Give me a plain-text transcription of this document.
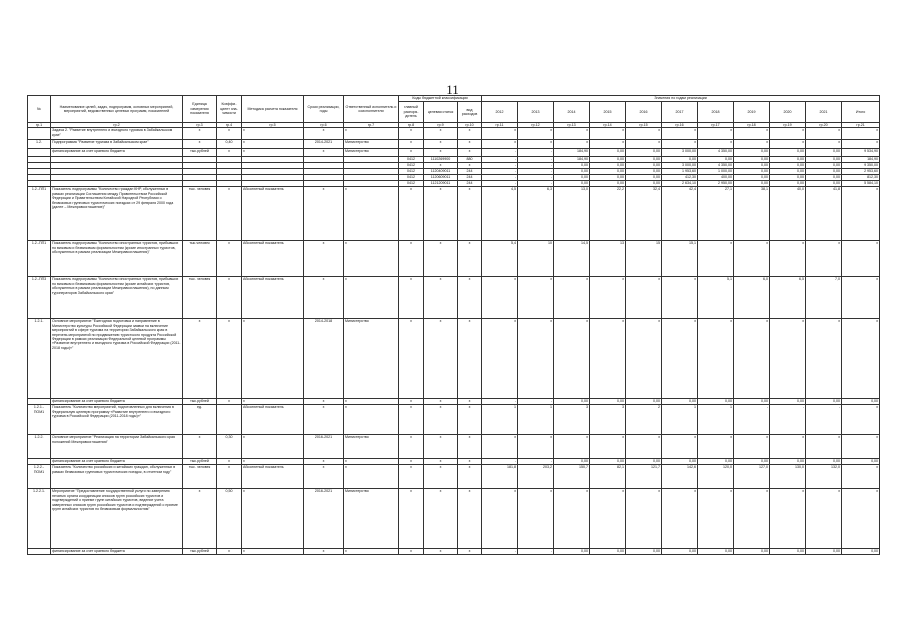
11
№	Наименование целей, задач, подпрограмм, основных мероприятий, мероприятий, ведомственных целевых программ, показателей	Единица измерения показателя	Коэффи-циент зна-чимости	Методика расчета показателя	Сроки реализации, годы	Ответственный исполнитель и соисполнители	Коды бюджетной классификации			Значения по годам реализации										
							главный распоря-дитель	целевая статья	вид расходов	2012	2013	2014	2015	2016	2017	2018	2019	2020	2021	Итого
гр.1	гр.2	гр.3	гр.4	гр.5	гр.6	гр.7	гр.8	гр.9	гр.10	гр.11	гр.12	гр.13	гр.14	гр.15	гр.16	гр.17	гр.18	гр.19	гр.20	гр.21
	Задача 2. "Развитие внутреннего и въездного туризма в Забайкальском крае"	х	х	х	х	х	х	х	х	х	х	х	х	х	х	х	х	х	х	х
1.2.	Подпрограмма "Развитие туризма в Забайкальском крае"	х	0,40	х	2014-2021	Министерство	х	х	х	х	х	х	х	х	х	х	х	х	х	х
	финансирование за счет краевого бюджета	тыс.рублей	х	х	х	Министерство	х	х	х	-	-	184,90	0,00	0,00	3 000,00	4 350,00	0,00	0,00	0,00	9 534,90
							0412	1110269900	880	-	-	184,90	0,00	0,00	0,00	0,00	0,00	0,00	0,00	184,90
							0412	х	х	-	-	0,00	0,00	0,00	3 000,00	4 350,00	0,00	0,00	0,00	9 350,00
							0412	1120409011	244	-	-	0,00	0,00	0,00	1 953,60	1 000,00	0,00	0,00	0,00	2 953,60
							0412	1120609011	244	-	-	0,00	0,00	0,00	412,30	400,00	0,00	0,00	0,00	812,30
							0412	1121209011	244	-	-	0,00	0,00	0,00	2 634,10	2 950,00	0,00	0,00	0,00	5 584,10
1.2.-ПП1	Показатель подпрограммы "Количество граждан КНР, обслуженных в рамках реализации Соглашения между Правительством Российской Федерации и Правительством Китайской Народной Республики о безвизовых групповых туристических поездках от 29 февраля 2000 года (далее – Межправсоглашение)"	тыс. человек	х	Абсолютный показатель	х	х	х	х	х	4,5	6,3	13,0	22,2	32,4	42,4	27,1	38,1	40,0	41,8	х
1.2.-ПП1	Показатель подпрограммы "Количество иностранных туристов, прибывших по визовым и безвизовым формальностям (кроме иностранных туристов, обслуженных в рамках реализации Межправсоглашения)"	тыс.человек	х	Абсолютный показатель	х	х	х	х	х	5,4	10	14,5	13	15	15,1	х	х	х	х	х
1.2.-ПП3	Показатель подпрограммы "Количество иностранных туристов, прибывших по визовым и безвизовым формальностям (кроме китайских туристов, обслуженных в рамках реализации Межправсоглашения), по данным туроператоров Забайкальского края"	тыс. человек	х	Абсолютный показатель	х	х	х	х	х	х	х	х	х	х	х	5,1	6,0	6,5	7,0	х
1.2.1.	Основное мероприятие "Ежегодная подготовка и направление в Министерство культуры Российской Федерации заявки на включение мероприятий в сфере туризма на территории Забайкальского края в перечень мероприятий по продвижению туристского продукта Российской Федерации в рамках реализации Федеральной целевой программы «Развитие внутреннего и въездного туризма в Российской Федерации (2011-2018 годы)»"	х	х	х	2014-2018	Министерство	х	х	х	х	х	х	х	х	х	х	х	х	х	х
	финансирование за счет краевого бюджета	тыс.рублей	х	х	х	х	х	х	х	-	-	0,00	0,00	0,00	0,00	0,00	0,00	0,00	0,00	0,00
1.2.1.-ПОМ1	Показатель "Количество мероприятий, подготовленных для включения в Федеральную целевую программу «Развитие внутреннего и въездного туризма в Российской Федерации (2011-2018 годы)»"	ед.		Абсолютный показатель	х	х	х	х	х	1	1	3	3	2	1	1	-	-	-	х
1.2.2.	Основное мероприятие "Реализация на территории Забайкальского края положений Межправсоглашения"	х	0,30	х	2016-2021	Министерство	х	х	х	х	х	х	х	х	х	х	х	х	х	х
	финансирование за счет краевого бюджета	тыс.рублей	х	х	х	х	х	х	х	-	-	0,00	0,00	0,00	0,00	0,00	0,00	0,00	0,00	0,00
1.2.2.-ПОМ1	Показатель "Количество российских и китайских граждан, обслуженных в рамках безвизовых групповых туристических поездок, в отчетном году"	тыс. человек	х	Абсолютный показатель	х	х	х	х	х	181,8	203,2	150,7	82,1	121,7	142,6	120,0	127,0	130,0	132,0	х
1.2.2.1.	Мероприятие "Предоставление государственной услуги по заверению печатью органа координации списков групп российских туристов и подтверждений о приеме групп китайских туристов, ведение учета заверенных списков групп российских туристов и подтверждений о приеме групп китайских туристов по безвизовым формальностям"	х	0,50	х	2016-2021	Министерство	х	х	х	х	х	х	х	х	х	х	х	х	х	х
	финансирование за счет краевого бюджета	тыс.рублей	х	х	х	х	х	х	х	-	-	0,00	0,00	0,00	0,00	0,00	0,00	0,00	0,00	0,00
